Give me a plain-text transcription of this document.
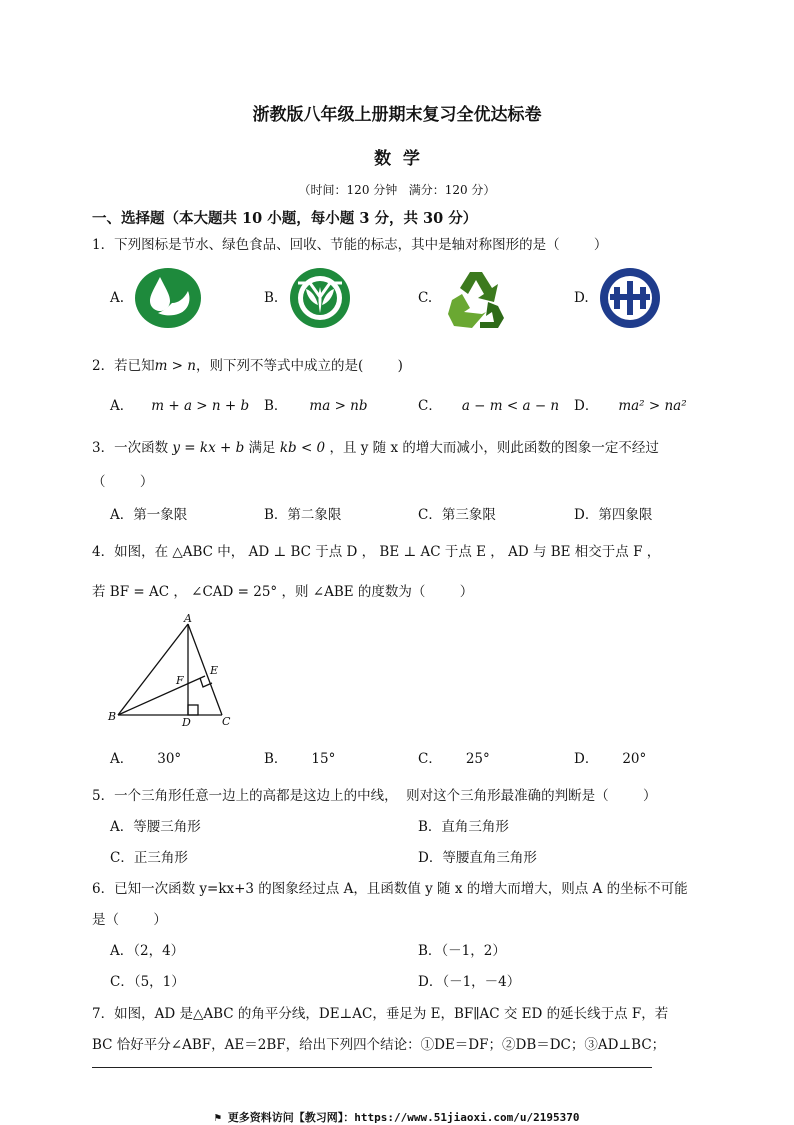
浙教版八年级上册期末复习全优达标卷
数  学
（时间：120 分钟   满分：120 分）
一、选择题（本大题共 10 小题，每小题 3 分，共 30 分）
1．下列图标是节水、绿色食品、回收、节能的标志，其中是轴对称图形的是（        ）
A.	B.	C.	D.
2．若已知m > n，则下列不等式中成立的是(        )
A． m + a > n + b B． ma > nb	C． a − m < a − n D． ma² > na²
3．一次函数 y = kx + b 满足 kb < 0 ，且 y 随 x 的增大而减小，则此函数的图象一定不经过
（        ）
A．第一象限	B．第二象限	C．第三象限	D．第四象限
4．如图，在 △ABC 中， AD ⊥ BC 于点 D ， BE ⊥ AC 于点 E ， AD 与 BE 相交于点 F ，
若 BF = AC ， ∠CAD = 25° ，则 ∠ABE 的度数为（        ）
A
B	C
D
E
F
A． 30°	B． 15°	C． 25°	D． 20°
5．一个三角形任意一边上的高都是这边上的中线，  则对这个三角形最准确的判断是（        ）
A．等腰三角形	B．直角三角形
C．正三角形	D．等腰直角三角形
6．已知一次函数 y=kx+3 的图象经过点 A，且函数值 y 随 x 的增大而增大，则点 A 的坐标不可能
是（        ）
A．（2，4）	B．（－1，2）
C．（5，1）	D．（－1，－4）
7．如图，AD 是△ABC 的角平分线，DE⊥AC，垂足为 E，BF∥AC 交 ED 的延长线于点 F，若
BC 恰好平分∠ABF，AE＝2BF，给出下列四个结论：①DE＝DF；②DB＝DC；③AD⊥BC；
⚑ 更多资料访问【教习网】：https://www.51jiaoxi.com/u/2195370
